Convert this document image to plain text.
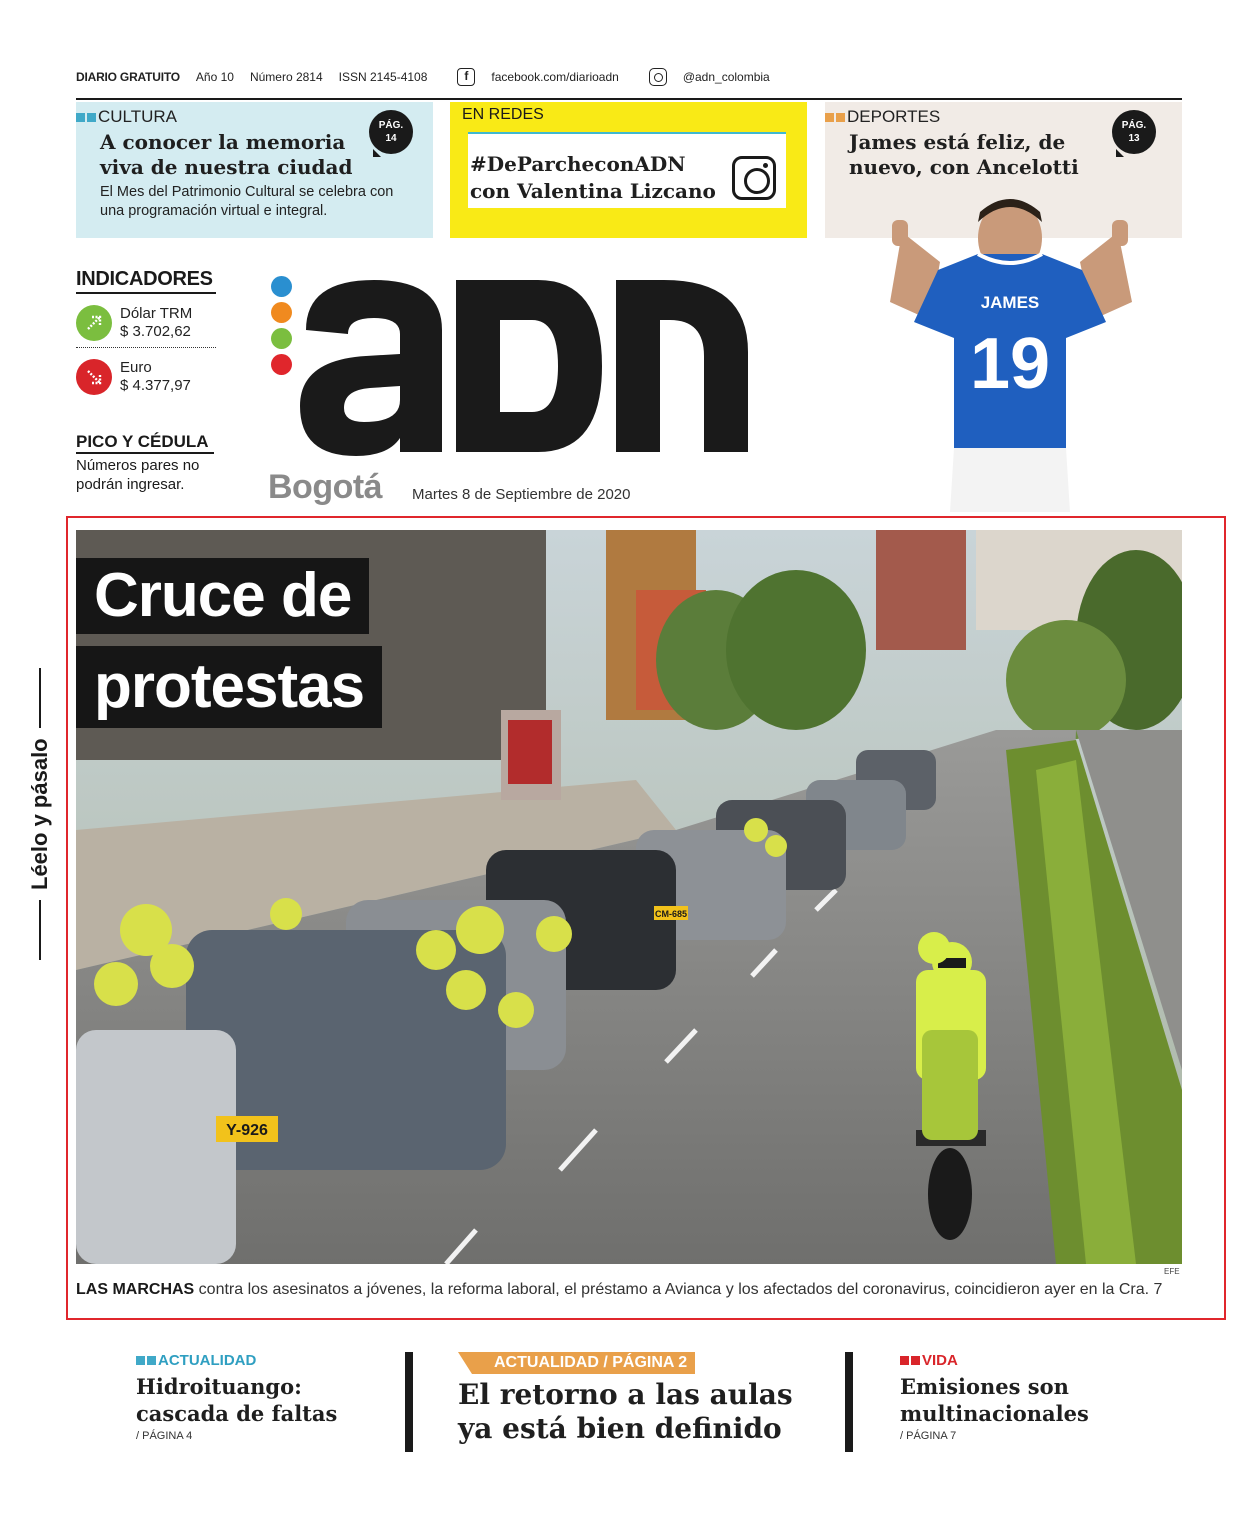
DIARIO GRATUITO Año 10 Número 2814 ISSN 2145-4108	f	facebook.com/diarioadn	@adn_colombia
CULTURA
A conocer la memoria viva de nuestra ciudad
El Mes del Patrimonio Cultural se celebra con una programación virtual e integral.
PÁG.
14
EN REDES
#DeParcheconADN
con Valentina Lizcano
DEPORTES
James está feliz, de nuevo, con Ancelotti
PÁG.
13
JAMES
19
INDICADORES
Dólar TRM
$ 3.702,62
Euro
$ 4.377,97
PICO Y CÉDULA
Números pares no podrán ingresar.	Bogotá Martes 8 de Septiembre de 2020
Y-926
CM-685
Cruce de
protestas
EFE
LAS MARCHAS contra los asesinatos a jóvenes, la reforma laboral, el préstamo a Avianca y los afectados del coronavirus, coincidieron ayer en la Cra. 7
Léelo y pásalo
ACTUALIDAD
Hidroituango: cascada de faltas
/ PÁGINA 4
ACTUALIDAD / PÁGINA 2
El retorno a las aulas ya está bien definido
VIDA
Emisiones son multinacionales
/ PÁGINA 7
